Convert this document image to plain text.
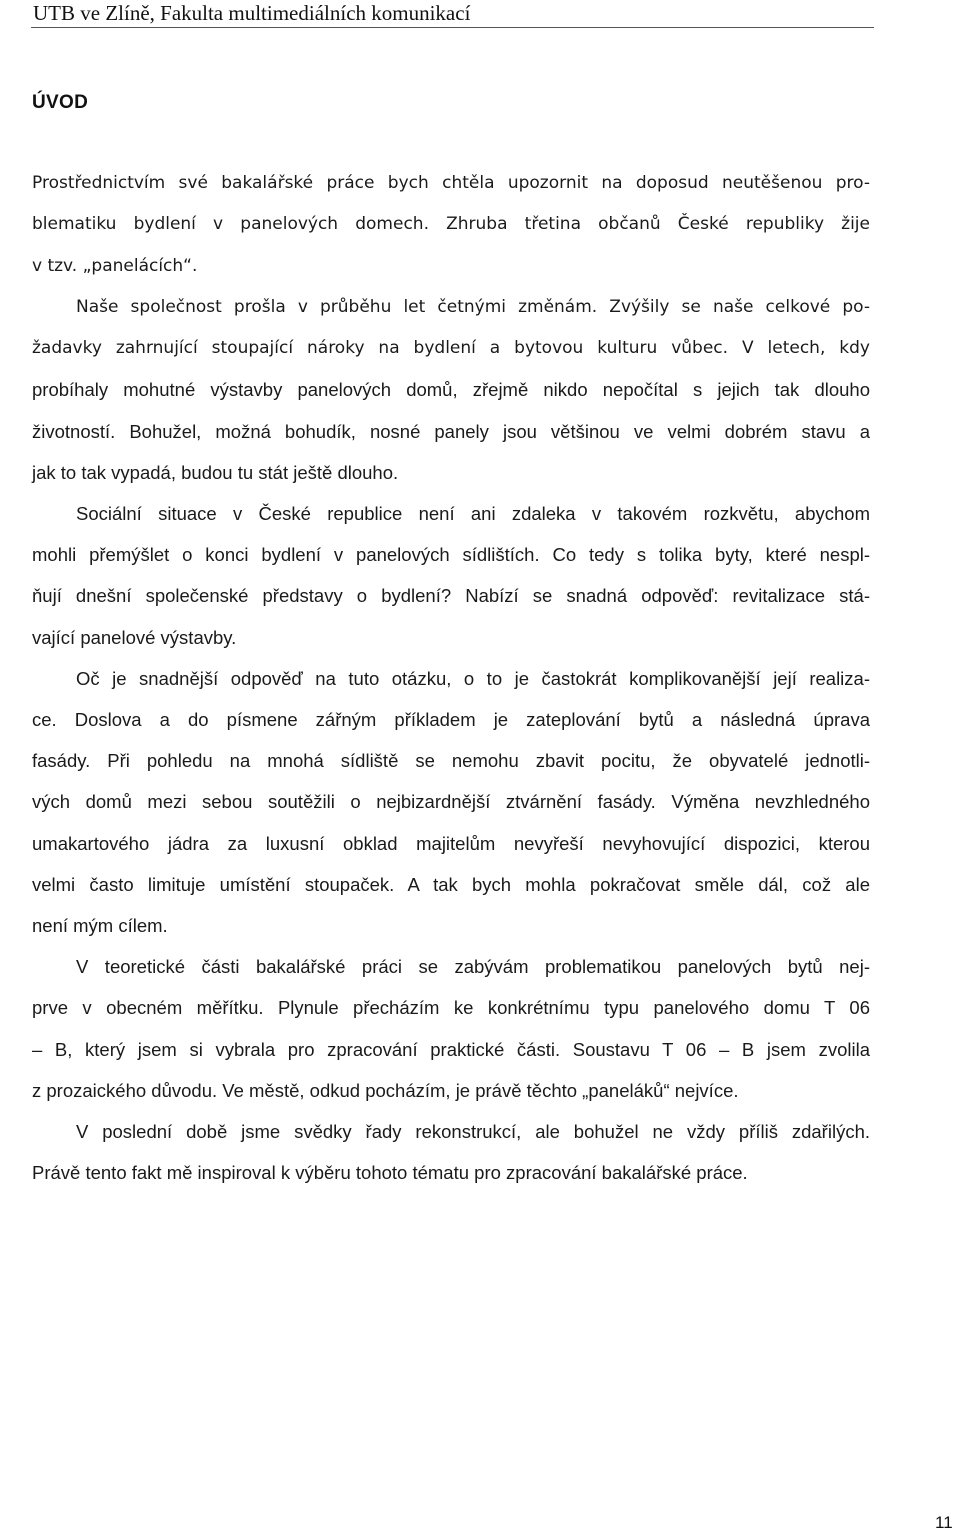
UTB ve Zlíně, Fakulta multimediálních komunikací
ÚVOD
Prostřednictvím své bakalářské práce bych chtěla upozornit na doposud neutěšenou pro-
blematiku bydlení v panelových domech. Zhruba třetina občanů České republiky žije
v tzv. „panelácích“.
Naše společnost prošla v průběhu let četnými změnám. Zvýšily se naše celkové po-
žadavky zahrnující stoupající nároky na bydlení a bytovou kulturu vůbec. V letech, kdy
probíhaly mohutné výstavby panelových domů, zřejmě nikdo nepočítal s jejich tak dlouho
životností. Bohužel, možná bohudík, nosné panely jsou většinou ve velmi dobrém stavu a
jak to tak vypadá, budou tu stát ještě dlouho.
Sociální situace v České republice není ani zdaleka v takovém rozkvětu, abychom
mohli přemýšlet o konci bydlení v panelových sídlištích. Co tedy s tolika byty, které nespl-
ňují dnešní společenské představy o bydlení? Nabízí se snadná odpověď: revitalizace stá-
vající panelové výstavby.
Oč je snadnější odpověď na tuto otázku, o to je častokrát komplikovanější její realiza-
ce. Doslova a do písmene zářným příkladem je zateplování bytů a následná úprava
fasády. Při pohledu na mnohá sídliště se nemohu zbavit pocitu, že obyvatelé jednotli-
vých domů mezi sebou soutěžili o nejbizardnější ztvárnění fasády. Výměna nevzhledného
umakartového jádra za luxusní obklad majitelům nevyřeší nevyhovující dispozici, kterou
velmi často limituje umístění stoupaček. A tak bych mohla pokračovat směle dál, což ale
není mým cílem.
V teoretické části bakalářské práci se zabývám problematikou panelových bytů nej-
prve v obecném měřítku. Plynule přecházím ke konkrétnímu typu panelového domu T 06
– B, který jsem si vybrala pro zpracování praktické části. Soustavu T 06 – B jsem zvolila
z prozaického důvodu. Ve městě, odkud pocházím, je právě těchto „paneláků“ nejvíce.
V poslední době jsme svědky řady rekonstrukcí, ale bohužel ne vždy příliš zdařilých.
Právě tento fakt mě inspiroval k výběru tohoto tématu pro zpracování bakalářské práce.
11
